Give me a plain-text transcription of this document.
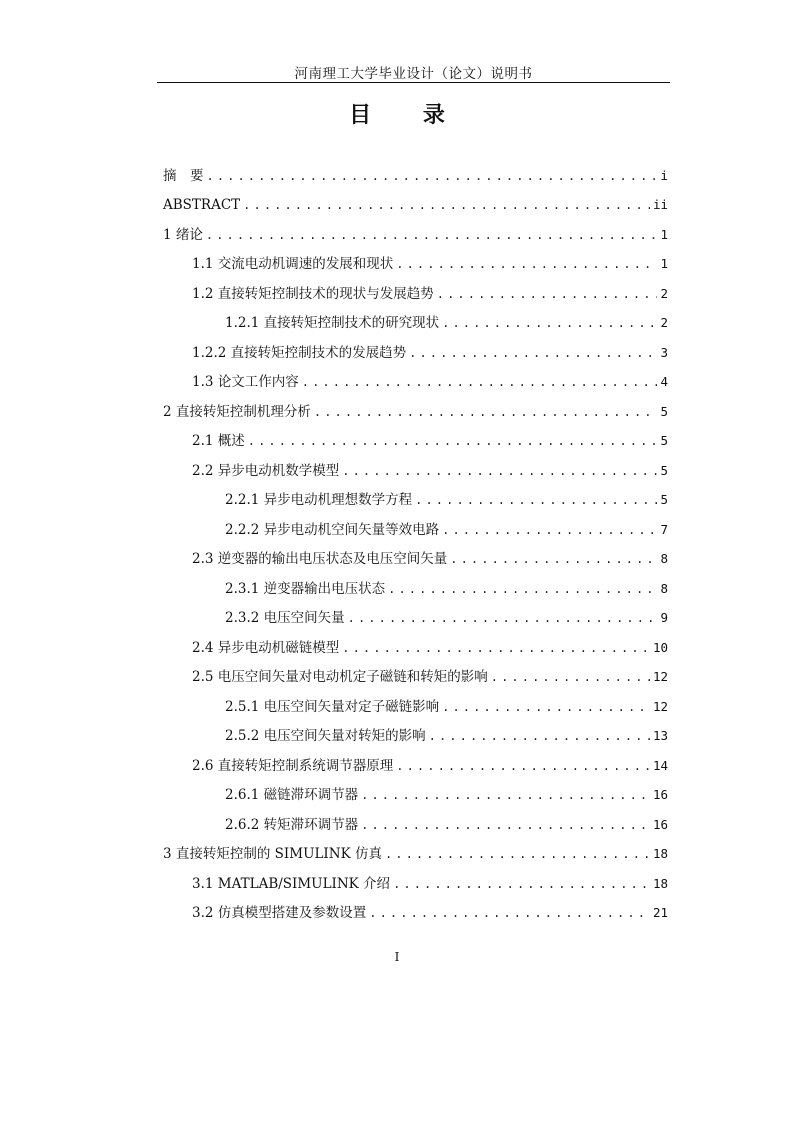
河南理工大学毕业设计（论文）说明书
目 录
摘　要 .....	i
ABSTRACT .....	ii
1 绪论 .....	1
1.1 交流电动机调速的发展和现状 .....	1
1.2 直接转矩控制技术的现状与发展趋势 .....	2
1.2.1 直接转矩控制技术的研究现状 .....	2
1.2.2 直接转矩控制技术的发展趋势 .....	3
1.3 论文工作内容 .....	4
2 直接转矩控制机理分析 .....	5
2.1 概述 .....	5
2.2 异步电动机数学模型 .....	5
2.2.1 异步电动机理想数学方程 .....	5
2.2.2 异步电动机空间矢量等效电路 .....	7
2.3 逆变器的输出电压状态及电压空间矢量 .....	8
2.3.1 逆变器输出电压状态 .....	8
2.3.2 电压空间矢量 .....	9
2.4 异步电动机磁链模型 .....	10
2.5 电压空间矢量对电动机定子磁链和转矩的影响 .....	12
2.5.1 电压空间矢量对定子磁链影响 .....	12
2.5.2 电压空间矢量对转矩的影响 .....	13
2.6 直接转矩控制系统调节器原理 .....	14
2.6.1 磁链滞环调节器 .....	16
2.6.2 转矩滞环调节器 .....	16
3 直接转矩控制的 SIMULINK 仿真 .....	18
3.1 MATLAB/SIMULINK 介绍 .....	18
3.2 仿真模型搭建及参数设置 .....	21
I
